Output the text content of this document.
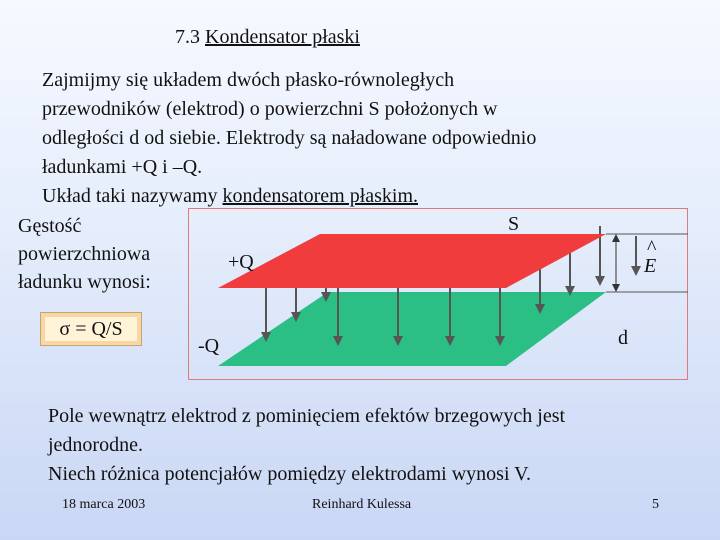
7.3 Kondensator płaski
Zajmijmy się układem dwóch płasko-równoległych
przewodników (elektrod) o powierzchni S położonych w
odległości d od siebie. Elektrody są naładowane odpowiednio
ładunkami +Q i –Q.
Układ taki nazywamy kondensatorem płaskim.
Gęstość
powierzchniowa
ładunku wynosi:
σ = Q/S
S
+Q
-Q	d
E
^
Pole wewnątrz elektrod z pominięciem efektów brzegowych jest
jednorodne.
Niech różnica potencjałów pomiędzy elektrodami wynosi V.
18 marca 2003	Reinhard Kulessa	5
